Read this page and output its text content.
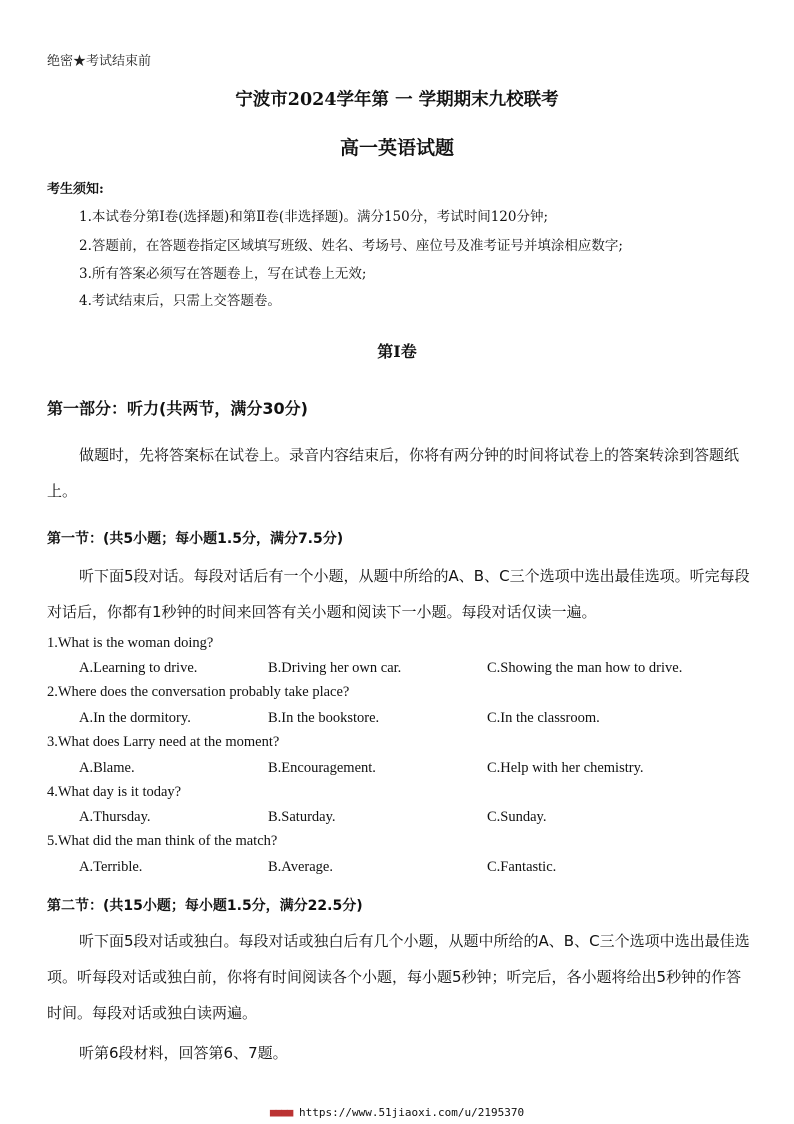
绝密★考试结束前
宁波市2024学年第 一 学期期末九校联考
高一英语试题
考生须知:
1.本试卷分第Ⅰ卷(选择题)和第Ⅱ卷(非选择题)。满分150分，考试时间120分钟;
2.答题前，在答题卷指定区域填写班级、姓名、考场号、座位号及准考证号并填涂相应数字;
3.所有答案必须写在答题卷上，写在试卷上无效;
4.考试结束后，只需上交答题卷。
第Ⅰ卷
第一部分：听力(共两节，满分30分)
做题时，先将答案标在试卷上。录音内容结束后，你将有两分钟的时间将试卷上的答案转涂到答题纸上。
第一节：(共5小题；每小题1.5分，满分7.5分)
听下面5段对话。每段对话后有一个小题，从题中所给的A、B、C三个选项中选出最佳选项。听完每段对话后，你都有1秒钟的时间来回答有关小题和阅读下一小题。每段对话仅读一遍。
1.What is the woman doing?
A.Learning to drive.	B.Driving her own car.	C.Showing the man how to drive.
2.Where does the conversation probably take place?
A.In the dormitory.	B.In the bookstore.	C.In the classroom.
3.What does Larry need at the moment?
A.Blame.	B.Encouragement.	C.Help with her chemistry.
4.What day is it today?
A.Thursday.	B.Saturday.	C.Sunday.
5.What did the man think of the match?
A.Terrible.	B.Average.	C.Fantastic.
第二节：(共15小题；每小题1.5分，满分22.5分)
听下面5段对话或独白。每段对话或独白后有几个小题，从题中所给的A、B、C三个选项中选出最佳选项。听每段对话或独白前，你将有时间阅读各个小题，每小题5秒钟；听完后，各小题将给出5秒钟的作答时间。每段对话或独白读两遍。
听第6段材料，回答第6、7题。
■■■■ https://www.51jiaoxi.com/u/2195370
